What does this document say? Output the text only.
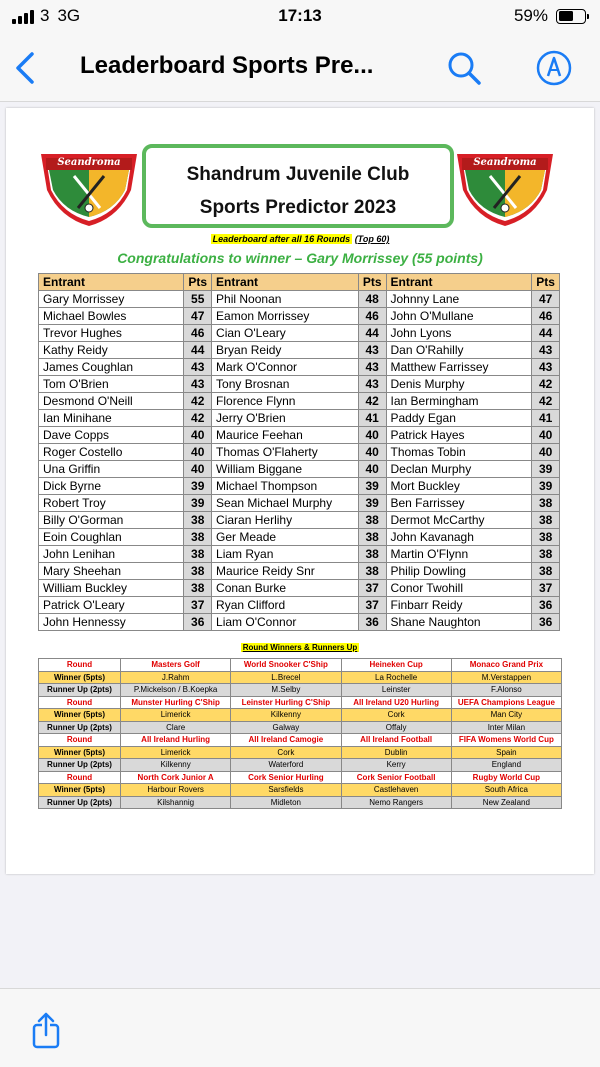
3 3G	17:13	59%
Leaderboard Sports Pre...
Seandroma
Shandrum Juvenile Club
Sports Predictor 2023
Seandroma
Leaderboard after all 16 Rounds (Top 60)
Congratulations to winner – Gary Morrissey (55 points)
Entrant	Pts	Entrant	Pts	Entrant	Pts
Gary Morrissey	55	Phil Noonan	48	Johnny Lane	47
Michael Bowles	47	Eamon Morrissey	46	John O'Mullane	46
Trevor Hughes	46	Cian O'Leary	44	John Lyons	44
Kathy Reidy	44	Bryan Reidy	43	Dan O'Rahilly	43
James Coughlan	43	Mark O'Connor	43	Matthew Farrissey	43
Tom O'Brien	43	Tony Brosnan	43	Denis Murphy	42
Desmond O'Neill	42	Florence Flynn	42	Ian Bermingham	42
Ian Minihane	42	Jerry O'Brien	41	Paddy Egan	41
Dave Copps	40	Maurice Feehan	40	Patrick Hayes	40
Roger Costello	40	Thomas O'Flaherty	40	Thomas Tobin	40
Una Griffin	40	William Biggane	40	Declan Murphy	39
Dick Byrne	39	Michael Thompson	39	Mort Buckley	39
Robert Troy	39	Sean Michael Murphy	39	Ben Farrissey	38
Billy O'Gorman	38	Ciaran Herlihy	38	Dermot McCarthy	38
Eoin Coughlan	38	Ger Meade	38	John Kavanagh	38
John Lenihan	38	Liam Ryan	38	Martin O'Flynn	38
Mary Sheehan	38	Maurice Reidy Snr	38	Philip Dowling	38
William Buckley	38	Conan Burke	37	Conor Twohill	37
Patrick O'Leary	37	Ryan Clifford	37	Finbarr Reidy	36
John Hennessy	36	Liam O'Connor	36	Shane Naughton	36
Round Winners & Runners Up
Round	Masters Golf	World Snooker C'Ship	Heineken Cup	Monaco Grand Prix
Winner (5pts)	J.Rahm	L.Brecel	La Rochelle	M.Verstappen
Runner Up (2pts)	P.Mickelson / B.Koepka	M.Selby	Leinster	F.Alonso
Round	Munster Hurling C'Ship	Leinster Hurling C'Ship	All Ireland U20 Hurling	UEFA Champions League
Winner (5pts)	Limerick	Kilkenny	Cork	Man City
Runner Up (2pts)	Clare	Galway	Offaly	Inter Milan
Round	All Ireland Hurling	All Ireland Camogie	All Ireland Football	FIFA Womens World Cup
Winner (5pts)	Limerick	Cork	Dublin	Spain
Runner Up (2pts)	Kilkenny	Waterford	Kerry	England
Round	North Cork Junior A	Cork Senior Hurling	Cork Senior Football	Rugby World Cup
Winner (5pts)	Harbour Rovers	Sarsfields	Castlehaven	South Africa
Runner Up (2pts)	Kilshannig	Midleton	Nemo Rangers	New Zealand
